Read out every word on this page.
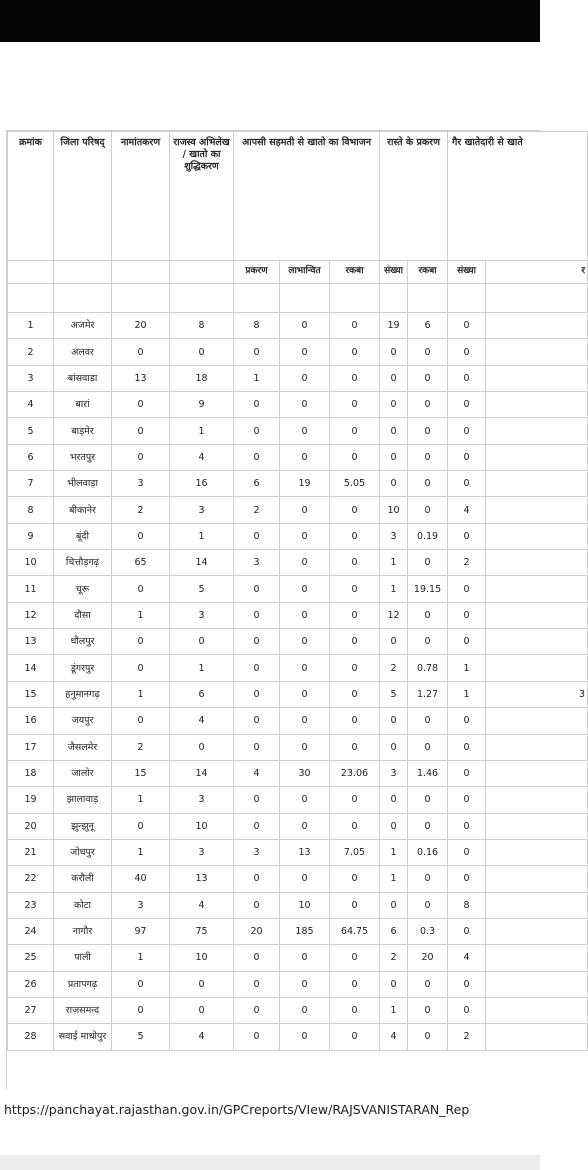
क्रमांक	जिला परिषद्	नामांतकरण	राजस्व अभिलेख / खातो का शुद्धिकरण	आपसी सहमती से खातो का विभाजन			रास्ते के प्रकरण		गैर खातेदारी से खाते	
				प्रकरण	लाभान्वित	रकबा	संख्या	रकबा	संख्या	र

1	अजमेर	20	8	8	0	0	19	6	0	
2	अलवर	0	0	0	0	0	0	0	0	
3	बांसवाडा	13	18	1	0	0	0	0	0	
4	बारां	0	9	0	0	0	0	0	0	
5	बाड़मेर	0	1	0	0	0	0	0	0	
6	भरतपुर	0	4	0	0	0	0	0	0	
7	भीलवाड़ा	3	16	6	19	5.05	0	0	0	
8	बीकानेर	2	3	2	0	0	10	0	4	
9	बूंदी	0	1	0	0	0	3	0.19	0	
10	चित्तौड़गढ़	65	14	3	0	0	1	0	2	
11	चूरू	0	5	0	0	0	1	19.15	0	
12	दौसा	1	3	0	0	0	12	0	0	
13	धौलपुर	0	0	0	0	0	0	0	0	
14	डूंगरपुर	0	1	0	0	0	2	0.78	1	
15	हनुमानगढ़	1	6	0	0	0	5	1.27	1	3
16	जयपुर	0	4	0	0	0	0	0	0	
17	जैसलमेर	2	0	0	0	0	0	0	0	
18	जालोर	15	14	4	30	23.06	3	1.46	0	
19	झालावाड़	1	3	0	0	0	0	0	0	
20	झुन्झुनू	0	10	0	0	0	0	0	0	
21	जोधपुर	1	3	3	13	7.05	1	0.16	0	
22	करौली	40	13	0	0	0	1	0	0	
23	कोटा	3	4	0	10	0	0	0	8	
24	नागौर	97	75	20	185	64.75	6	0.3	0	
25	पाली	1	10	0	0	0	2	20	4	
26	प्रतापगढ़	0	0	0	0	0	0	0	0	
27	राजसमन्द	0	0	0	0	0	1	0	0	
28	सवाई माधोपुर	5	4	0	0	0	4	0	2	
https://panchayat.rajasthan.gov.in/GPCreports/VIew/RAJSVANISTARAN_Rep
